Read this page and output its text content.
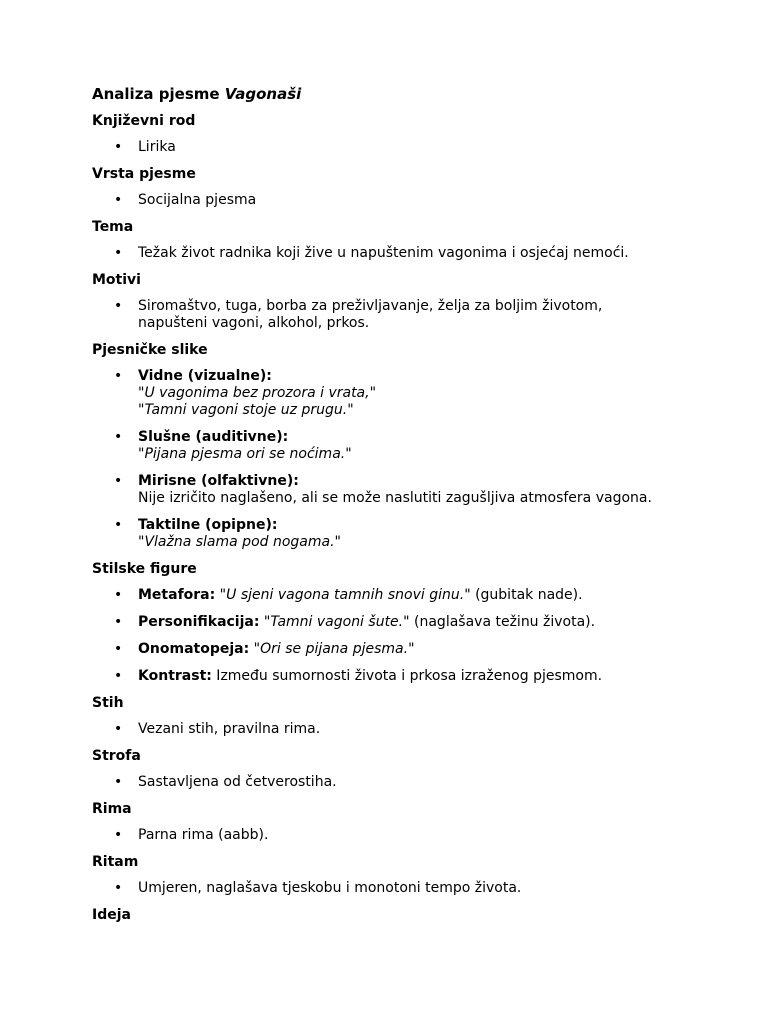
Analiza pjesme Vagonaši
Književni rod
• Lirika
Vrsta pjesme
• Socijalna pjesma
Tema
• Težak život radnika koji žive u napuštenim vagonima i osjećaj nemoći.
Motivi
• Siromaštvo, tuga, borba za preživljavanje, želja za boljim životom, napušteni vagoni, alkohol, prkos.
Pjesničke slike
• Vidne (vizualne):
"U vagonima bez prozora i vrata,"
"Tamni vagoni stoje uz prugu."
• Slušne (auditivne):
"Pijana pjesma ori se noćima."
• Mirisne (olfaktivne):
Nije izričito naglašeno, ali se može naslutiti zagušljiva atmosfera vagona.
• Taktilne (opipne):
"Vlažna slama pod nogama."
Stilske figure
• Metafora: "U sjeni vagona tamnih snovi ginu." (gubitak nade).
• Personifikacija: "Tamni vagoni šute." (naglašava težinu života).
• Onomatopeja: "Ori se pijana pjesma."
• Kontrast: Između sumornosti života i prkosa izraženog pjesmom.
Stih
• Vezani stih, pravilna rima.
Strofa
• Sastavljena od četverostiha.
Rima
• Parna rima (aabb).
Ritam
• Umjeren, naglašava tjeskobu i monotoni tempo života.
Ideja
